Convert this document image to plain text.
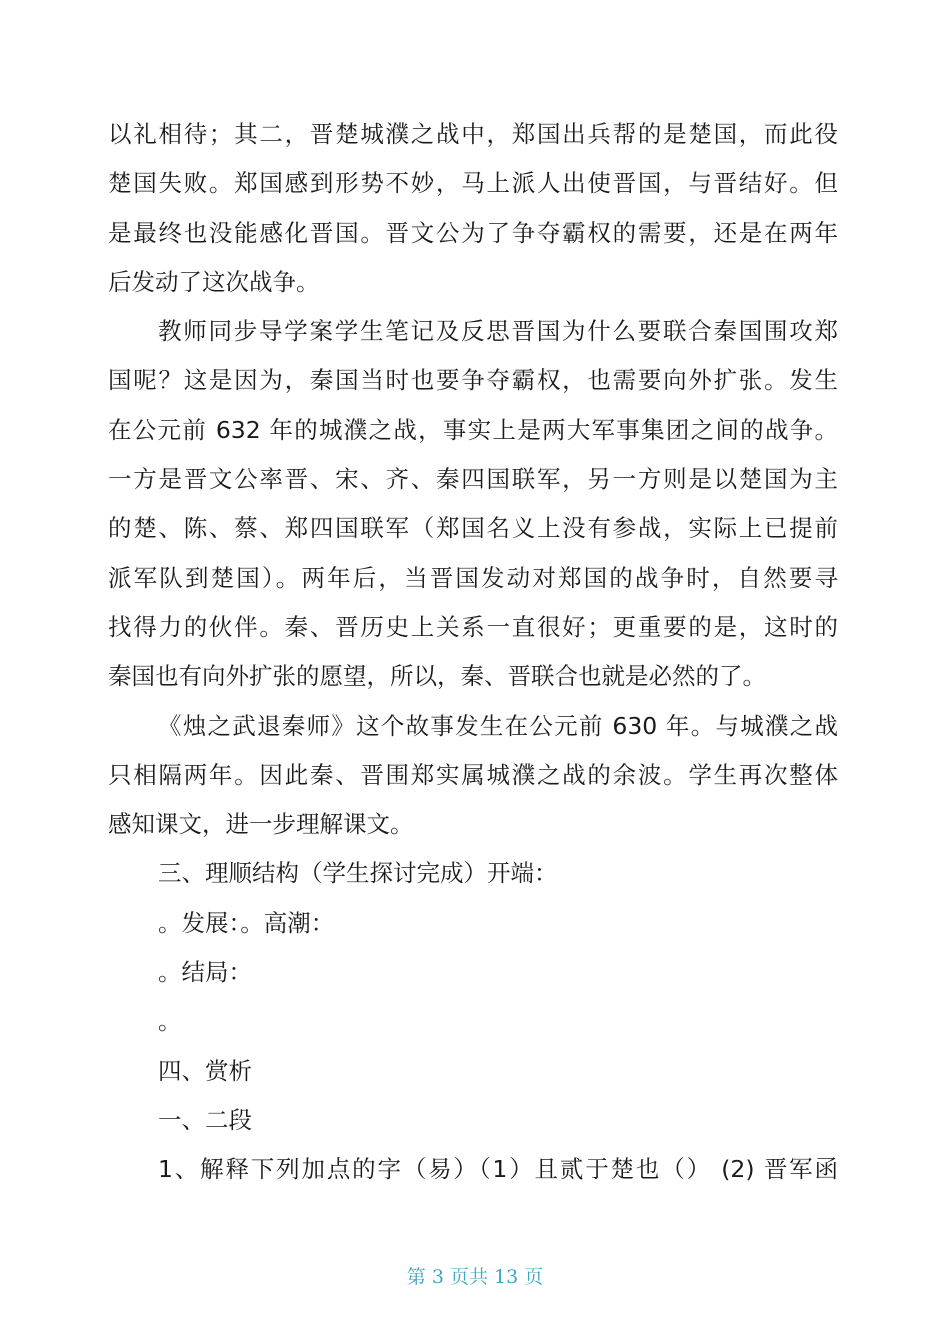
以礼相待；其二，晋楚城濮之战中，郑国出兵帮的是楚国，而此役
楚国失败。郑国感到形势不妙，马上派人出使晋国，与晋结好。但
是最终也没能感化晋国。晋文公为了争夺霸权的需要，还是在两年
后发动了这次战争。
教师同步导学案学生笔记及反思晋国为什么要联合秦国围攻郑
国呢？这是因为，秦国当时也要争夺霸权，也需要向外扩张。发生
在公元前 632 年的城濮之战，事实上是两大军事集团之间的战争。
一方是晋文公率晋、宋、齐、秦四国联军，另一方则是以楚国为主
的楚、陈、蔡、郑四国联军（郑国名义上没有参战，实际上已提前
派军队到楚国）。两年后，当晋国发动对郑国的战争时，自然要寻
找得力的伙伴。秦、晋历史上关系一直很好；更重要的是，这时的
秦国也有向外扩张的愿望，所以，秦、晋联合也就是必然的了。
《烛之武退秦师》这个故事发生在公元前 630 年。与城濮之战
只相隔两年。因此秦、晋围郑实属城濮之战的余波。学生再次整体
感知课文，进一步理解课文。
三、理顺结构（学生探讨完成）开端：
。发展：。高潮：
。结局：
。
四、赏析
一、二段
1、解释下列加点的字（易）（1）且贰于楚也（） (2) 晋军函
第 3 页共 13 页
